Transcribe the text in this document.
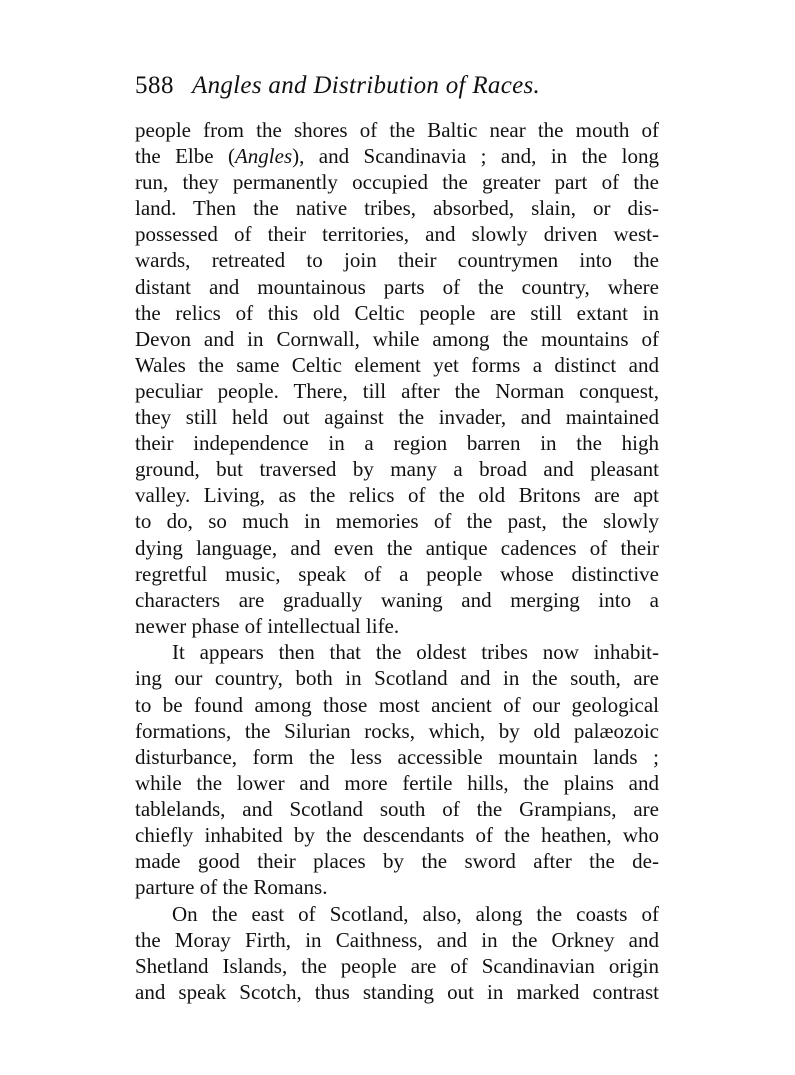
588 Angles and Distribution of Races.
people from the shores of the Baltic near the mouth of
the Elbe (Angles), and Scandinavia ; and, in the long
run, they permanently occupied the greater part of the
land. Then the native tribes, absorbed, slain, or dis-
possessed of their territories, and slowly driven west-
wards, retreated to join their countrymen into the
distant and mountainous parts of the country, where
the relics of this old Celtic people are still extant in
Devon and in Cornwall, while among the mountains of
Wales the same Celtic element yet forms a distinct and
peculiar people. There, till after the Norman conquest,
they still held out against the invader, and maintained
their independence in a region barren in the high
ground, but traversed by many a broad and pleasant
valley. Living, as the relics of the old Britons are apt
to do, so much in memories of the past, the slowly
dying language, and even the antique cadences of their
regretful music, speak of a people whose distinctive
characters are gradually waning and merging into a
newer phase of intellectual life.
It appears then that the oldest tribes now inhabit-
ing our country, both in Scotland and in the south, are
to be found among those most ancient of our geological
formations, the Silurian rocks, which, by old palæozoic
disturbance, form the less accessible mountain lands ;
while the lower and more fertile hills, the plains and
tablelands, and Scotland south of the Grampians, are
chiefly inhabited by the descendants of the heathen, who
made good their places by the sword after the de-
parture of the Romans.
On the east of Scotland, also, along the coasts of
the Moray Firth, in Caithness, and in the Orkney and
Shetland Islands, the people are of Scandinavian origin
and speak Scotch, thus standing out in marked contrast
